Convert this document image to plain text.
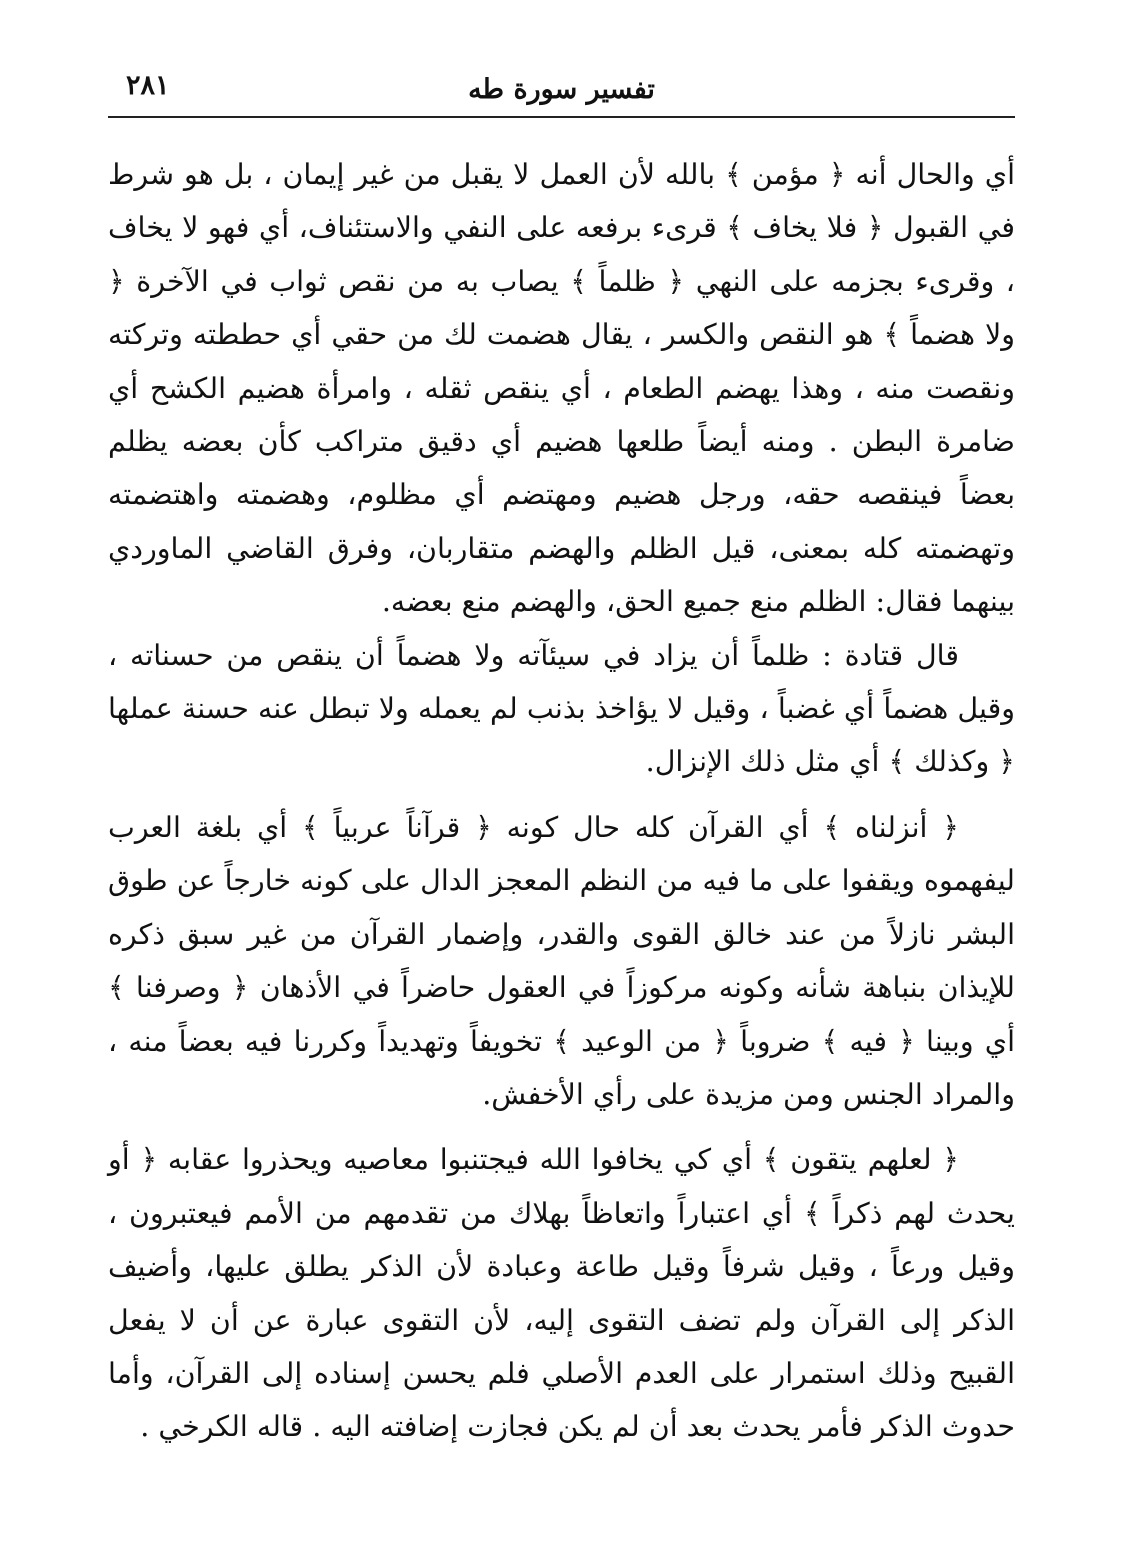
٢٨١	تفسير سورة طه

أي والحال أنه ﴿ مؤمن ﴾ بالله لأن العمل لا يقبل من غير إيمان ، بل هو شرط في القبول ﴿ فلا يخاف ﴾ قرىء برفعه على النفي والاستئناف، أي فهو لا يخاف ، وقرىء بجزمه على النهي ﴿ ظلماً ﴾ يصاب به من نقص ثواب في الآخرة ﴿ ولا هضماً ﴾ هو النقص والكسر ، يقال هضمت لك من حقي أي حططته وتركته ونقصت منه ، وهذا يهضم الطعام ، أي ينقص ثقله ، وامرأة هضيم الكشح أي ضامرة البطن . ومنه أيضاً طلعها هضيم أي دقيق متراكب كأن بعضه يظلم بعضاً فينقصه حقه، ورجل هضيم ومهتضم أي مظلوم، وهضمته واهتضمته وتهضمته كله بمعنى، قيل الظلم والهضم متقاربان، وفرق القاضي الماوردي بينهما فقال: الظلم منع جميع الحق، والهضم منع بعضه.

قال قتادة : ظلماً أن يزاد في سيئآته ولا هضماً أن ينقص من حسناته ، وقيل هضماً أي غضباً ، وقيل لا يؤاخذ بذنب لم يعمله ولا تبطل عنه حسنة عملها ﴿ وكذلك ﴾ أي مثل ذلك الإنزال.

﴿ أنزلناه ﴾ أي القرآن كله حال كونه ﴿ قرآناً عربياً ﴾ أي بلغة العرب ليفهموه ويقفوا على ما فيه من النظم المعجز الدال على كونه خارجاً عن طوق البشر نازلاً من عند خالق القوى والقدر، وإضمار القرآن من غير سبق ذكره للإيذان بنباهة شأنه وكونه مركوزاً في العقول حاضراً في الأذهان ﴿ وصرفنا ﴾ أي وبينا ﴿ فيه ﴾ ضروباً ﴿ من الوعيد ﴾ تخويفاً وتهديداً وكررنا فيه بعضاً منه ، والمراد الجنس ومن مزيدة على رأي الأخفش.

﴿ لعلهم يتقون ﴾ أي كي يخافوا الله فيجتنبوا معاصيه ويحذروا عقابه ﴿ أو يحدث لهم ذكراً ﴾ أي اعتباراً واتعاظاً بهلاك من تقدمهم من الأمم فيعتبرون ، وقيل ورعاً ، وقيل شرفاً وقيل طاعة وعبادة لأن الذكر يطلق عليها، وأضيف الذكر إلى القرآن ولم تضف التقوى إليه، لأن التقوى عبارة عن أن لا يفعل القبيح وذلك استمرار على العدم الأصلي فلم يحسن إسناده إلى القرآن، وأما حدوث الذكر فأمر يحدث بعد أن لم يكن فجازت إضافته اليه . قاله الكرخي .
